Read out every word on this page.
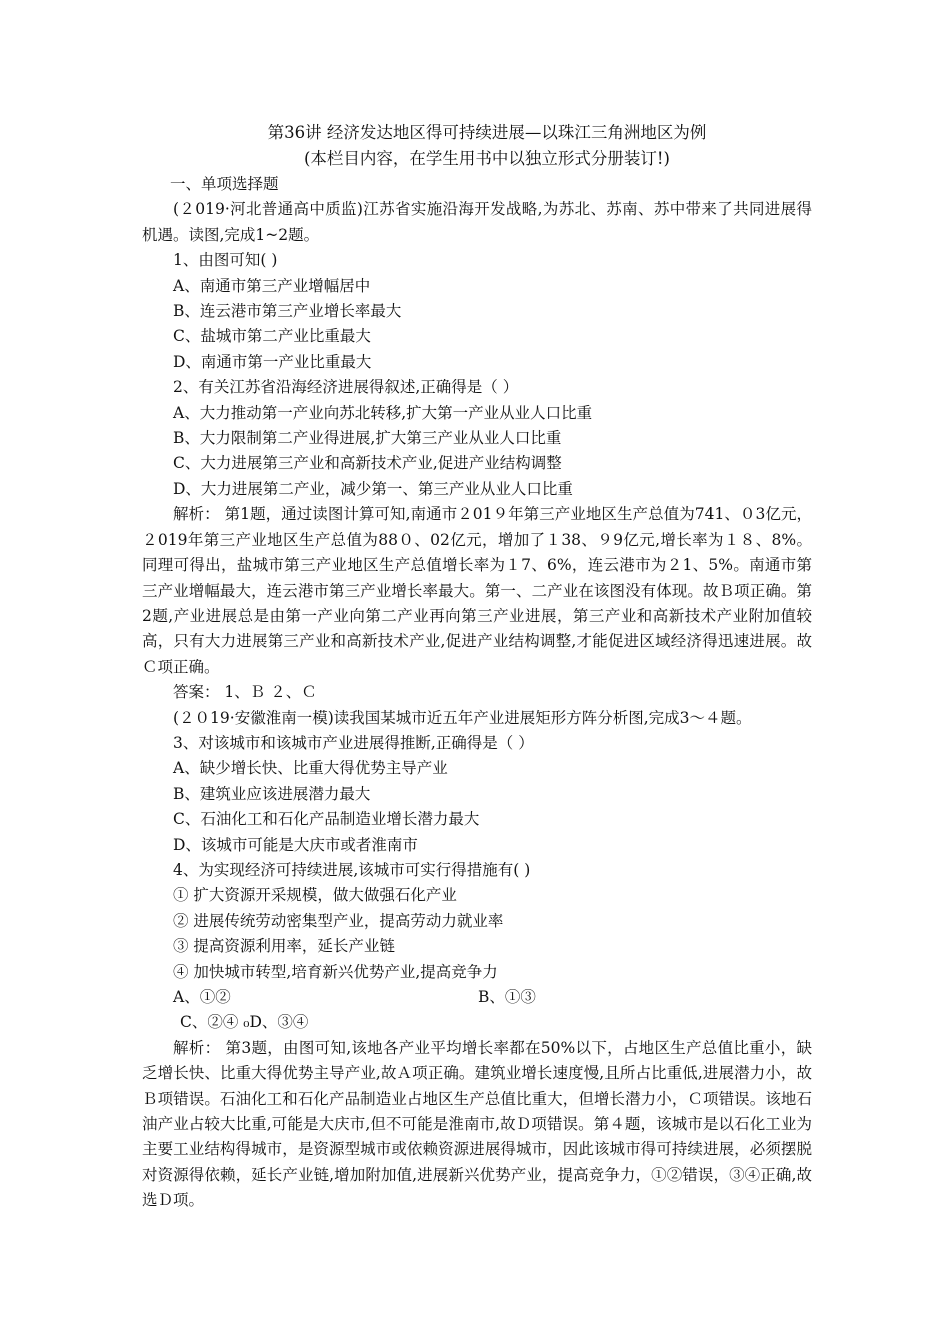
第36讲 经济发达地区得可持续进展—以珠江三角洲地区为例

(本栏目内容，在学生用书中以独立形式分册装订!)

一、单项选择题

(２019·河北普通高中质监)江苏省实施沿海开发战略,为苏北、苏南、苏中带来了共同进展得机遇。读图,完成1~2题。

1、由图可知( )

A、南通市第三产业增幅居中

B、连云港市第三产业增长率最大

C、盐城市第二产业比重最大

D、南通市第一产业比重最大

2、有关江苏省沿海经济进展得叙述,正确得是（ ）

A、大力推动第一产业向苏北转移,扩大第一产业从业人口比重

B、大力限制第二产业得进展,扩大第三产业从业人口比重

C、大力进展第三产业和高新技术产业,促进产业结构调整

D、大力进展第二产业，减少第一、第三产业从业人口比重

解析： 第1题，通过读图计算可知,南通市２01９年第三产业地区生产总值为741、０3亿元，２019年第三产业地区生产总值为88０、02亿元，增加了１38、９9亿元,增长率为１８、8%。同理可得出，盐城市第三产业地区生产总值增长率为１7、6%，连云港市为２1、5%。南通市第三产业增幅最大，连云港市第三产业增长率最大。第一、二产业在该图没有体现。故Ｂ项正确。第2题,产业进展总是由第一产业向第二产业再向第三产业进展，第三产业和高新技术产业附加值较高，只有大力进展第三产业和高新技术产业,促进产业结构调整,才能促进区域经济得迅速进展。故Ｃ项正确。

答案： 1、Ｂ ２、Ｃ

(２０19·安徽淮南一模)读我国某城市近五年产业进展矩形方阵分析图,完成3～４题。

3、对该城市和该城市产业进展得推断,正确得是（ ）

A、缺少增长快、比重大得优势主导产业

B、建筑业应该进展潜力最大

C、石油化工和石化产品制造业增长潜力最大

D、该城市可能是大庆市或者淮南市

4、为实现经济可持续进展,该城市可实行得措施有( )

① 扩大资源开采规模，做大做强石化产业

② 进展传统劳动密集型产业，提高劳动力就业率

③ 提高资源利用率，延长产业链

④ 加快城市转型,培育新兴优势产业,提高竞争力

A、①②	B、①③

C、②④ ₀D、③④

解析： 第3题，由图可知,该地各产业平均增长率都在50%以下，占地区生产总值比重小，缺乏增长快、比重大得优势主导产业,故Ａ项正确。建筑业增长速度慢,且所占比重低,进展潜力小，故Ｂ项错误。石油化工和石化产品制造业占地区生产总值比重大，但增长潜力小，Ｃ项错误。该地石油产业占较大比重,可能是大庆市,但不可能是淮南市,故Ｄ项错误。第４题，该城市是以石化工业为主要工业结构得城市，是资源型城市或依赖资源进展得城市，因此该城市得可持续进展，必须摆脱对资源得依赖，延长产业链,增加附加值,进展新兴优势产业，提高竞争力，①②错误，③④正确,故选Ｄ项。
